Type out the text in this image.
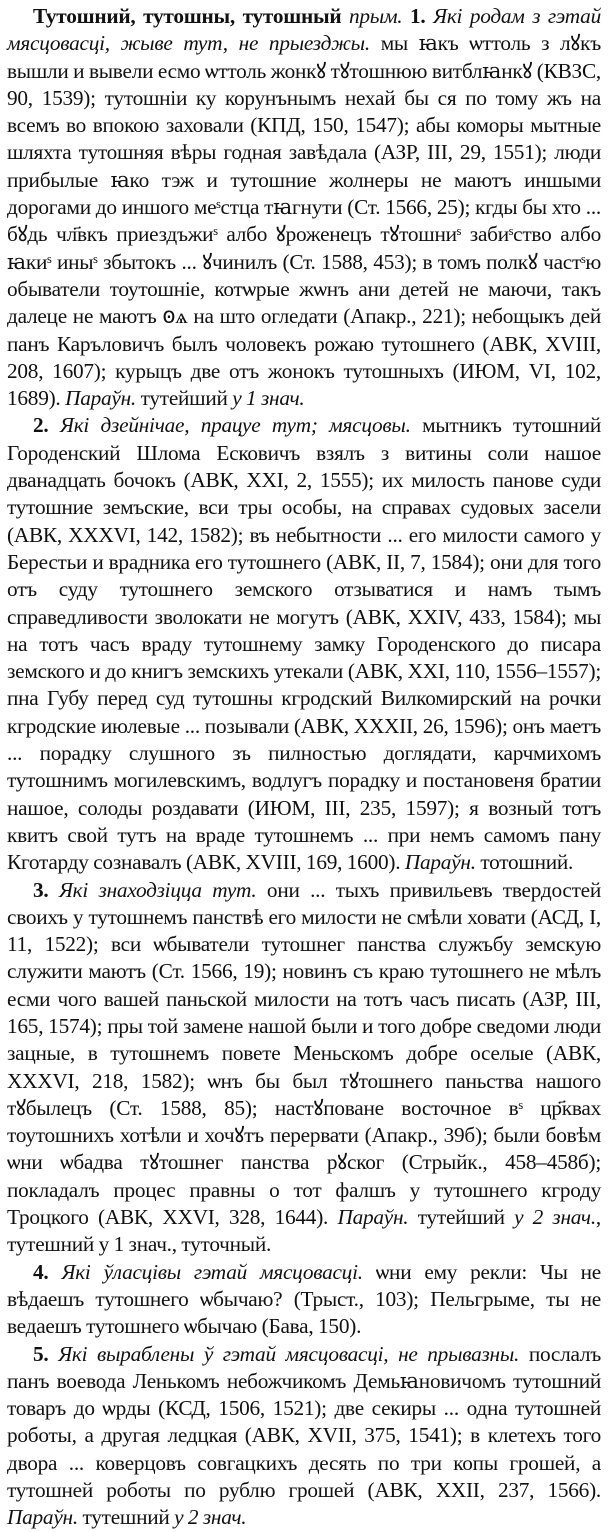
Тутошний, тутошны, тутошный прым. 1. Які родам з гэтай мясцовасці, жыве тут, не прыезджы. мы ꙗкъ ѡттоль з лꙋкъ вышли и вывели есмо ѡттоль жонкꙋ тꙋтошнюю витблꙗнкꙋ (КВЗС, 90, 1539); тутошніи ку корунънымъ нехай бы ся по тому жъ на всемъ во впокою заховали (КПД, 150, 1547); абы коморы мытные шляхта тутошняя вѣры годная завѣдала (АЗР, III, 29, 1551); люди прибылые ꙗко тэж и тутошние жолнеры не маютъ иншыми дорогами до иншого меˢстца тꙗгнути (Ст. 1566, 25); кгды бы хто ... бꙋдь чл҃вкъ приездъжиˢ албо ꙋроженецъ тꙋтошниˢ забиˢство албо ꙗкиˢ иныˢ збытокъ ... ꙋчинилъ (Ст. 1588, 453); в томъ полкꙋ частˢю обыватели тоутошніе, котѡрые жѡнъ ани детей не маючи, такъ далеце не маютъ ꙩѧ на што огледати (Апакр., 221); небощыкъ дей панъ Каръловичъ былъ чоловекъ рожаю тутошнего (АВК, XVIII, 208, 1607); курыцъ две отъ жонокъ тутошныхъ (ИЮМ, VI, 102, 1689). Параўн. тутейший у 1 знач.

2. Які дзейнічае, працуе тут; мясцовы. мытникъ тутошний Городенский Шлома Есковичъ взялъ з витины соли нашое дванадцать бочокъ (АВК, XXI, 2, 1555); их милость панове суди тутошние земъские, вси тры особы, на справах судовых засели (АВК, XXXVI, 142, 1582); въ небытности ... его милости самого у Берестьи и врадника его тутошнего (АВК, II, 7, 1584); они для того отъ суду тутошнего земского отзыватися и намъ тымъ справедливости зволокати не могутъ (АВК, XXIV, 433, 1584); мы на тотъ часъ враду тутошнему замку Городенского до писара земского и до книгъ земскихъ утекали (АВК, XXI, 110, 1556–1557); пна Губу перед суд тутошны кгродский Вилкомирский на рочки кгродские июлевые ... позывали (АВК, XXXII, 26, 1596); онъ маетъ ... порадку слушного зъ пилностью доглядати, карчмихомъ тутошнимъ могилевскимъ, водлугъ порадку и постановеня братии нашое, солоды роздавати (ИЮМ, III, 235, 1597); я возный тотъ квитъ свой тутъ на враде тутошнемъ ... при немъ самомъ пану Кготарду сознавалъ (АВК, XVIII, 169, 1600). Параўн. тотошний.

3. Які знаходзіцца тут. они ... тыхъ привильевъ твердостей своихъ у тутошнемъ панствѣ его милости не смѣли ховати (АСД, I, 11, 1522); вси ѡбыватели тутошнег панства служъбу земскую служити маютъ (Ст. 1566, 19); новинъ съ краю тутошнего не мѣлъ есми чого вашей паньской милости на тотъ часъ писать (АЗР, III, 165, 1574); пры той замене нашой были и того добре сведоми люди зацные, в тутошнемъ повете Меньскомъ добре оселые (АВК, XXXVI, 218, 1582); ѡнъ бы был тꙋтошнего паньства нашого тꙋбылецъ (Ст. 1588, 85); настꙋповане восточное вˢ цр҃квах тоутошнихъ хотѣли и хочꙋтъ перервати (Апакр., 39б); были бовѣм ѡни ѡбадва тꙋтошнег панства рꙋског (Стрыйк., 458–458б); покладалъ процес правны о тот фалшъ у тутошнего кгроду Троцкого (АВК, XXVI, 328, 1644). Параўн. тутейший у 2 знач., тутешний у 1 знач., туточный.

4. Які ўласцівы гэтай мясцовасці. ѡни ему рекли: Чы не вѣдаешъ тутошнего ѡбычаю? (Трыст., 103); Пельгрыме, ты не ведаешъ тутошнего ѡбычаю (Бава, 150).

5. Які выраблены ў гэтай мясцовасці, не прывазны. послалъ панъ воевода Ленькомъ небожчикомъ Демьꙗновичомъ тутошний товаръ до ѡрды (КСД, 1506, 1521); две секиры ... одна тутошней роботы, а другая ледцкая (АВК, XVII, 375, 1541); в клетехъ того двора ... коверцовъ совгацкихъ десять по три копы грошей, а тутошней роботы по рублю грошей (АВК, XXII, 237, 1566). Параўн. тутешний у 2 знач.
